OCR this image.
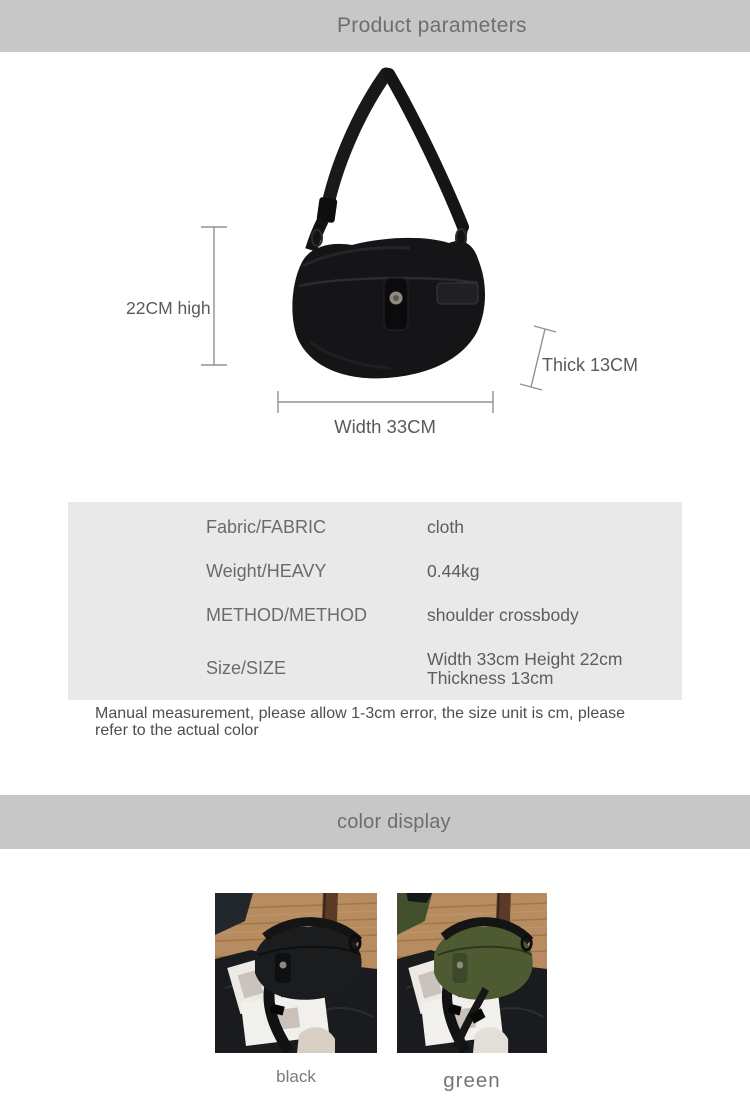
Product parameters
22CM high
Thick 13CM
Width 33CM
Fabric/FABRIC	cloth
Weight/HEAVY	0.44kg
METHOD/METHOD	shoulder crossbody
Size/SIZE	Width 33cm Height 22cm Thickness 13cm
Manual measurement, please allow 1-3cm error, the size unit is cm, please refer to the actual color
color display
black	green
